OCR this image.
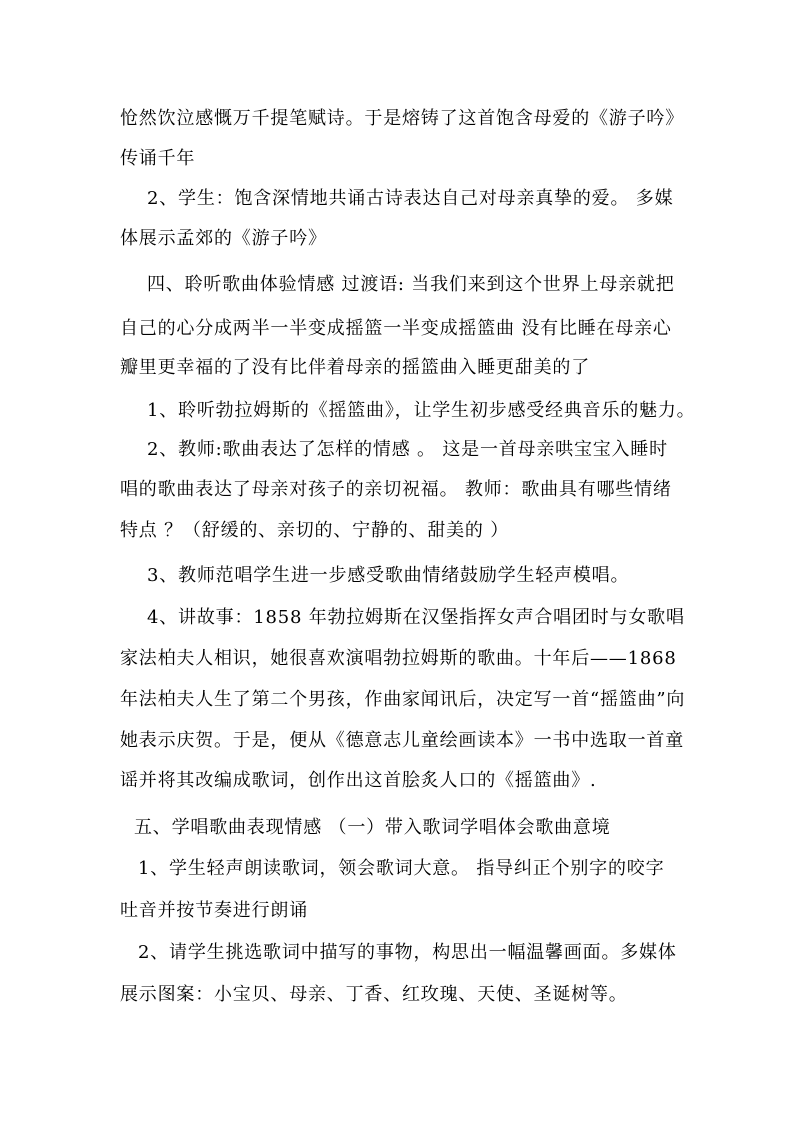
怆然饮泣感慨万千提笔赋诗。于是熔铸了这首饱含母爱的《游子吟》
传诵千年
2、学生：饱含深情地共诵古诗表达自己对母亲真挚的爱。 多媒
体展示孟郊的《游子吟》
四、聆听歌曲体验情感 过渡语: 当我们来到这个世界上母亲就把
自己的心分成两半一半变成摇篮一半变成摇篮曲 没有比睡在母亲心
瓣里更幸福的了没有比伴着母亲的摇篮曲入睡更甜美的了
1、聆听勃拉姆斯的《摇篮曲》，让学生初步感受经典音乐的魅力。
2、教师:歌曲表达了怎样的情感 。 这是一首母亲哄宝宝入睡时
唱的歌曲表达了母亲对孩子的亲切祝福。 教师：歌曲具有哪些情绪
特点 ？（舒缓的、亲切的、宁静的、甜美的 ）
3、教师范唱学生进一步感受歌曲情绪鼓励学生轻声模唱。
4、讲故事：1858 年勃拉姆斯在汉堡指挥女声合唱团时与女歌唱
家法柏夫人相识，她很喜欢演唱勃拉姆斯的歌曲。十年后——1868
年法柏夫人生了第二个男孩，作曲家闻讯后，决定写一首“摇篮曲”向
她表示庆贺。于是，便从《德意志儿童绘画读本》一书中选取一首童
谣并将其改编成歌词，创作出这首脍炙人口的《摇篮曲》.
五、学唱歌曲表现情感 （一）带入歌词学唱体会歌曲意境
1、学生轻声朗读歌词，领会歌词大意。 指导纠正个别字的咬字
吐音并按节奏进行朗诵
2、请学生挑选歌词中描写的事物，构思出一幅温馨画面。多媒体
展示图案：小宝贝、母亲、丁香、红玫瑰、天使、圣诞树等。
